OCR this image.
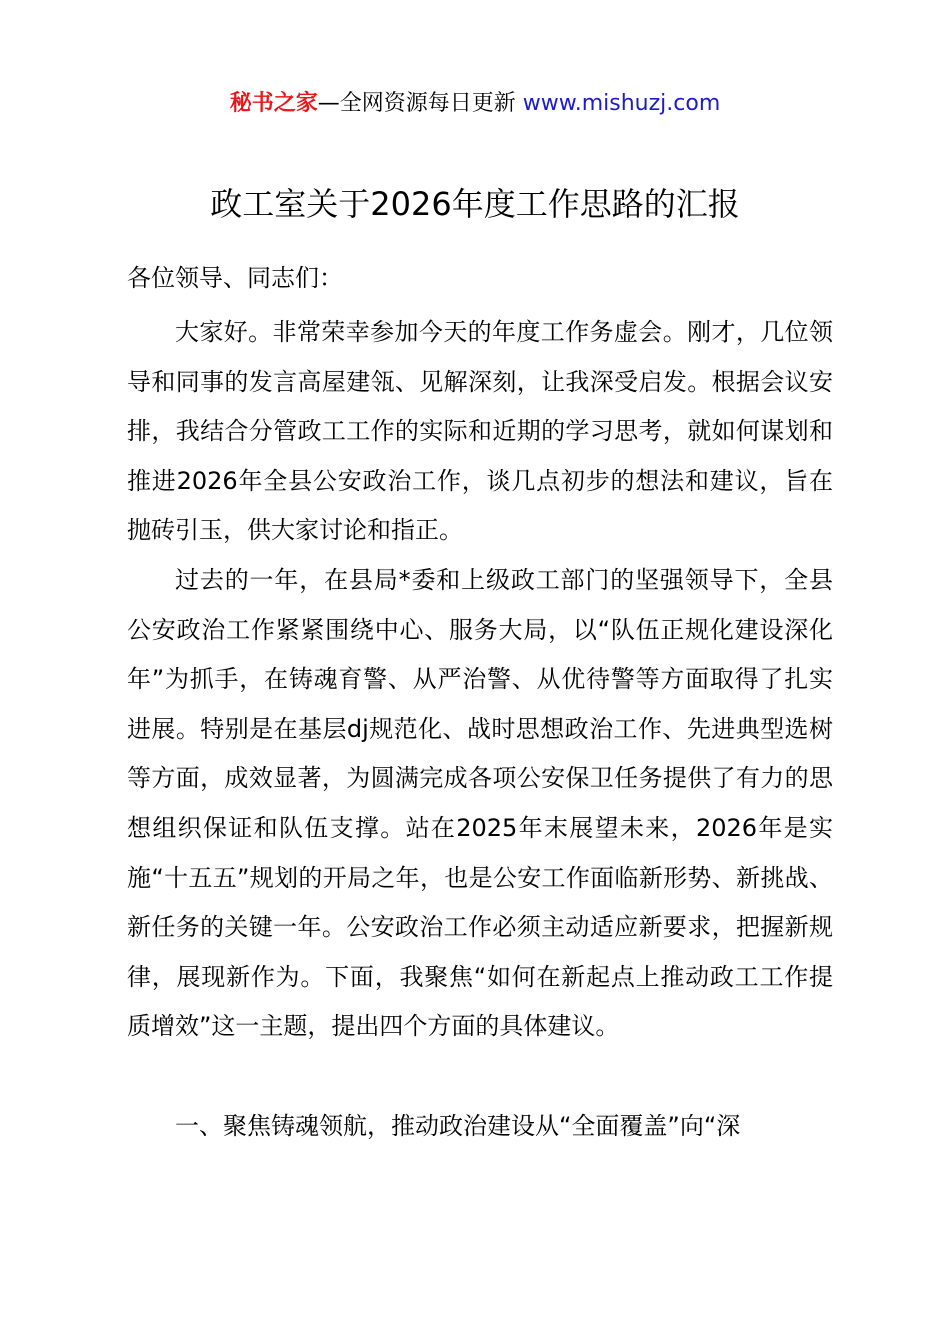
秘书之家—全网资源每日更新 www.mishuzj.com
政工室关于2026年度工作思路的汇报
各位领导、同志们：

大家好。非常荣幸参加今天的年度工作务虚会。刚才，几位领导和同事的发言高屋建瓴、见解深刻，让我深受启发。根据会议安排，我结合分管政工工作的实际和近期的学习思考，就如何谋划和推进2026年全县公安政治工作，谈几点初步的想法和建议，旨在抛砖引玉，供大家讨论和指正。

过去的一年，在县局*委和上级政工部门的坚强领导下，全县公安政治工作紧紧围绕中心、服务大局，以“队伍正规化建设深化年”为抓手，在铸魂育警、从严治警、从优待警等方面取得了扎实进展。特别是在基层dj规范化、战时思想政治工作、先进典型选树等方面，成效显著，为圆满完成各项公安保卫任务提供了有力的思想组织保证和队伍支撑。站在2025年末展望未来，2026年是实施“十五五”规划的开局之年，也是公安工作面临新形势、新挑战、新任务的关键一年。公安政治工作必须主动适应新要求，把握新规律，展现新作为。下面，我聚焦“如何在新起点上推动政工工作提质增效”这一主题，提出四个方面的具体建议。

一、聚焦铸魂领航，推动政治建设从“全面覆盖”向“深
